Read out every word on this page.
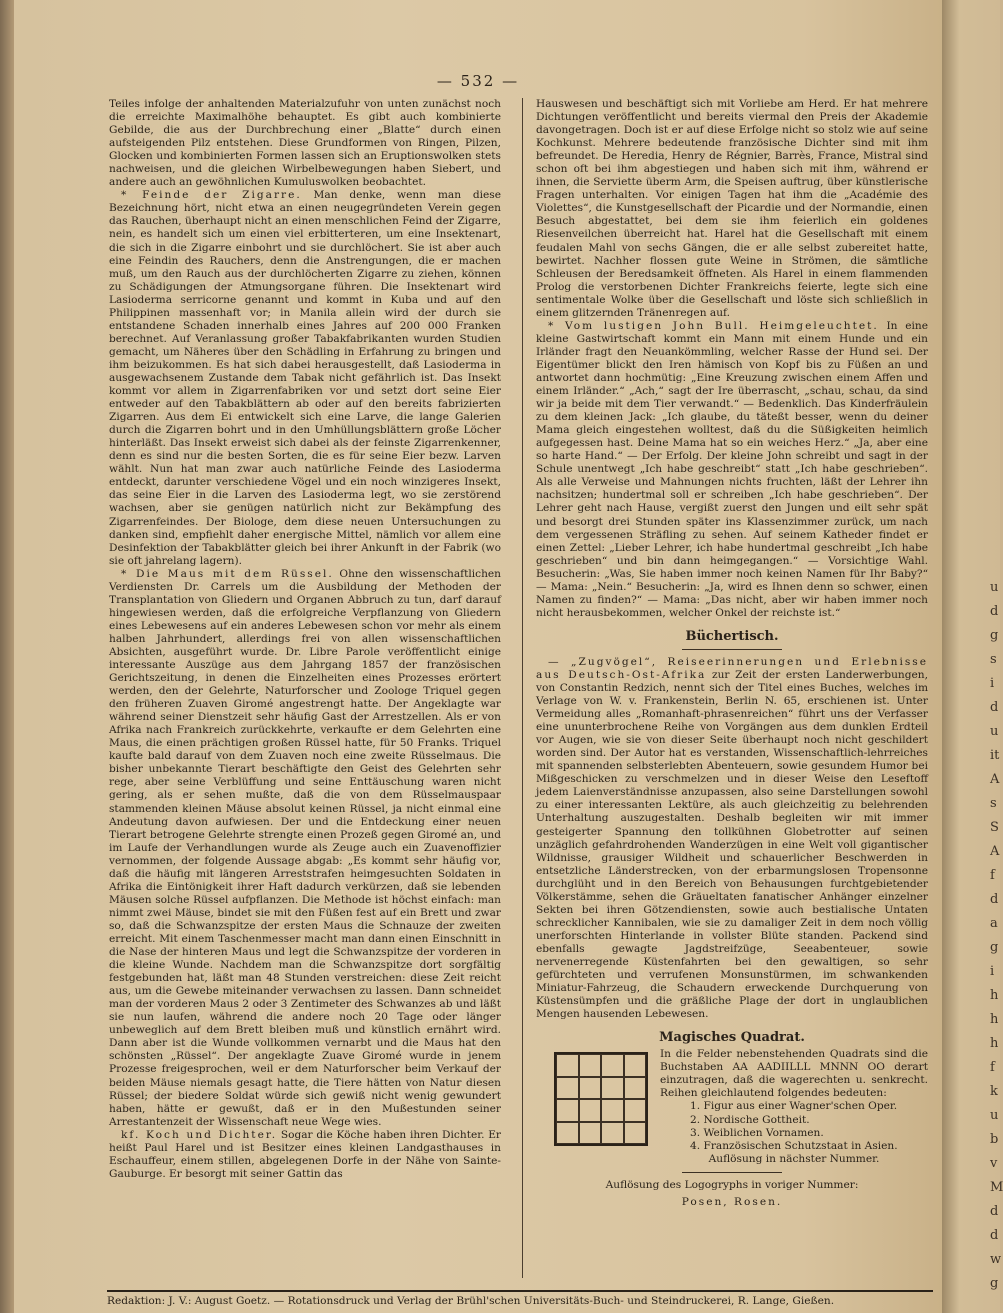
— 532 —

Teiles infolge der anhaltenden Materialzufuhr von unten zunächst noch die erreichte Maximalhöhe behauptet. Es gibt auch kombinierte Gebilde, die aus der Durchbrechung einer „Blatte“ durch einen aufsteigenden Pilz entstehen. Diese Grundformen von Ringen, Pilzen, Glocken und kombinierten Formen lassen sich an Eruptionswolken stets nachweisen, und die gleichen Wirbelbewegungen haben Siebert, und andere auch an gewöhnlichen Kumuluswolken beobachtet.

* Feinde der Zigarre. Man denke, wenn man diese Bezeichnung hört, nicht etwa an einen neugegründeten Verein gegen das Rauchen, überhaupt nicht an einen menschlichen Feind der Zigarre, nein, es handelt sich um einen viel erbitterteren, um eine Insektenart, die sich in die Zigarre einbohrt und sie durchlöchert. Sie ist aber auch eine Feindin des Rauchers, denn die Anstrengungen, die er machen muß, um den Rauch aus der durchlöcherten Zigarre zu ziehen, können zu Schädigungen der Atmungsorgane führen. Die Insektenart wird Lasioderma serricorne genannt und kommt in Kuba und auf den Philippinen massenhaft vor; in Manila allein wird der durch sie entstandene Schaden innerhalb eines Jahres auf 200 000 Franken berechnet. Auf Veranlassung großer Tabakfabrikanten wurden Studien gemacht, um Näheres über den Schädling in Erfahrung zu bringen und ihm beizukommen. Es hat sich dabei herausgestellt, daß Lasioderma in ausgewachsenem Zustande dem Tabak nicht gefährlich ist. Das Insekt kommt vor allem in Zigarrenfabriken vor und setzt dort seine Eier entweder auf den Tabakblättern ab oder auf den bereits fabrizierten Zigarren. Aus dem Ei entwickelt sich eine Larve, die lange Galerien durch die Zigarren bohrt und in den Umhüllungsblättern große Löcher hinterläßt. Das Insekt erweist sich dabei als der feinste Zigarrenkenner, denn es sind nur die besten Sorten, die es für seine Eier bezw. Larven wählt. Nun hat man zwar auch natürliche Feinde des Lasioderma entdeckt, darunter verschiedene Vögel und ein noch winzigeres Insekt, das seine Eier in die Larven des Lasioderma legt, wo sie zerstörend wachsen, aber sie genügen natürlich nicht zur Bekämpfung des Zigarrenfeindes. Der Biologe, dem diese neuen Untersuchungen zu danken sind, empfiehlt daher energische Mittel, nämlich vor allem eine Desinfektion der Tabakblätter gleich bei ihrer Ankunft in der Fabrik (wo sie oft jahrelang lagern).

* Die Maus mit dem Rüssel. Ohne den wissenschaftlichen Verdiensten Dr. Carrels um die Ausbildung der Methoden der Transplantation von Gliedern und Organen Abbruch zu tun, darf darauf hingewiesen werden, daß die erfolgreiche Verpflanzung von Gliedern eines Lebewesens auf ein anderes Lebewesen schon vor mehr als einem halben Jahrhundert, allerdings frei von allen wissenschaftlichen Absichten, ausgeführt wurde. Dr. Libre Parole veröffentlicht einige interessante Auszüge aus dem Jahrgang 1857 der französischen Gerichtszeitung, in denen die Einzelheiten eines Prozesses erörtert werden, den der Gelehrte, Naturforscher und Zoologe Triquel gegen den früheren Zuaven Giromé angestrengt hatte. Der Angeklagte war während seiner Dienstzeit sehr häufig Gast der Arrestzellen. Als er von Afrika nach Frankreich zurückkehrte, verkaufte er dem Gelehrten eine Maus, die einen prächtigen großen Rüssel hatte, für 50 Franks. Triquel kaufte bald darauf von dem Zuaven noch eine zweite Rüsselmaus. Die bisher unbekannte Tierart beschäftigte den Geist des Gelehrten sehr rege, aber seine Verblüffung und seine Enttäuschung waren nicht gering, als er sehen mußte, daß die von dem Rüsselmauspaar stammenden kleinen Mäuse absolut keinen Rüssel, ja nicht einmal eine Andeutung davon aufwiesen. Der und die Entdeckung einer neuen Tierart betrogene Gelehrte strengte einen Prozeß gegen Giromé an, und im Laufe der Verhandlungen wurde als Zeuge auch ein Zuavenoffizier vernommen, der folgende Aussage abgab: „Es kommt sehr häufig vor, daß die häufig mit längeren Arreststrafen heimgesuchten Soldaten in Afrika die Eintönigkeit ihrer Haft dadurch verkürzen, daß sie lebenden Mäusen solche Rüssel aufpflanzen. Die Methode ist höchst einfach: man nimmt zwei Mäuse, bindet sie mit den Füßen fest auf ein Brett und zwar so, daß die Schwanzspitze der ersten Maus die Schnauze der zweiten erreicht. Mit einem Taschenmesser macht man dann einen Einschnitt in die Nase der hinteren Maus und legt die Schwanzspitze der vorderen in die kleine Wunde. Nachdem man die Schwanzspitze dort sorgfältig festgebunden hat, läßt man 48 Stunden verstreichen: diese Zeit reicht aus, um die Gewebe miteinander verwachsen zu lassen. Dann schneidet man der vorderen Maus 2 oder 3 Zentimeter des Schwanzes ab und läßt sie nun laufen, während die andere noch 20 Tage oder länger unbeweglich auf dem Brett bleiben muß und künstlich ernährt wird. Dann aber ist die Wunde vollkommen vernarbt und die Maus hat den schönsten „Rüssel“. Der angeklagte Zuave Giromé wurde in jenem Prozesse freigesprochen, weil er dem Naturforscher beim Verkauf der beiden Mäuse niemals gesagt hatte, die Tiere hätten von Natur diesen Rüssel; der biedere Soldat würde sich gewiß nicht wenig gewundert haben, hätte er gewußt, daß er in den Mußestunden seiner Arrestantenzeit der Wissenschaft neue Wege wies.

kf. Koch und Dichter. Sogar die Köche haben ihren Dichter. Er heißt Paul Harel und ist Besitzer eines kleinen Landgasthauses in Eschauffeur, einem stillen, abgelegenen Dorfe in der Nähe von Sainte-Gauburge. Er besorgt mit seiner Gattin das

Hauswesen und beschäftigt sich mit Vorliebe am Herd. Er hat mehrere Dichtungen veröffentlicht und bereits viermal den Preis der Akademie davongetragen. Doch ist er auf diese Erfolge nicht so stolz wie auf seine Kochkunst. Mehrere bedeutende französische Dichter sind mit ihm befreundet. De Heredia, Henry de Régnier, Barrès, France, Mistral sind schon oft bei ihm abgestiegen und haben sich mit ihm, während er ihnen, die Serviette überm Arm, die Speisen auftrug, über künstlerische Fragen unterhalten. Vor einigen Tagen hat ihm die „Académie des Violettes“, die Kunstgesellschaft der Picardie und der Normandie, einen Besuch abgestattet, bei dem sie ihm feierlich ein goldenes Riesenveilchen überreicht hat. Harel hat die Gesellschaft mit einem feudalen Mahl von sechs Gängen, die er alle selbst zubereitet hatte, bewirtet. Nachher flossen gute Weine in Strömen, die sämtliche Schleusen der Beredsamkeit öffneten. Als Harel in einem flammenden Prolog die verstorbenen Dichter Frankreichs feierte, legte sich eine sentimentale Wolke über die Gesellschaft und löste sich schließlich in einem glitzernden Tränenregen auf.

* Vom lustigen John Bull. Heimgeleuchtet. In eine kleine Gastwirtschaft kommt ein Mann mit einem Hunde und ein Irländer fragt den Neuankömmling, welcher Rasse der Hund sei. Der Eigentümer blickt den Iren hämisch von Kopf bis zu Füßen an und antwortet dann hochmütig: „Eine Kreuzung zwischen einem Affen und einem Irländer.“ „Ach,“ sagt der Ire überrascht, „schau, schau, da sind wir ja beide mit dem Tier verwandt.“ — Bedenklich. Das Kinderfräulein zu dem kleinen Jack: „Ich glaube, du täteßt besser, wenn du deiner Mama gleich eingestehen wolltest, daß du die Süßigkeiten heimlich aufgegessen hast. Deine Mama hat so ein weiches Herz.“ „Ja, aber eine so harte Hand.“ — Der Erfolg. Der kleine John schreibt und sagt in der Schule unentwegt „Ich habe geschreibt“ statt „Ich habe geschrieben“. Als alle Verweise und Mahnungen nichts fruchten, läßt der Lehrer ihn nachsitzen; hundertmal soll er schreiben „Ich habe geschrieben“. Der Lehrer geht nach Hause, vergißt zuerst den Jungen und eilt sehr spät und besorgt drei Stunden später ins Klassenzimmer zurück, um nach dem vergessenen Sträfling zu sehen. Auf seinem Katheder findet er einen Zettel: „Lieber Lehrer, ich habe hundertmal geschreibt „Ich habe geschrieben“ und bin dann heimgegangen.“ — Vorsichtige Wahl. Besucherin: „Was, Sie haben immer noch keinen Namen für Ihr Baby?“ — Mama: „Nein.“ Besucherin: „Ja, wird es Ihnen denn so schwer, einen Namen zu finden?“ — Mama: „Das nicht, aber wir haben immer noch nicht herausbekommen, welcher Onkel der reichste ist.“

Büchertisch.

— „Zugvögel“, Reiseerinnerungen und Erlebnisse aus Deutsch-Ost-Afrika zur Zeit der ersten Landerwerbungen, von Constantin Redzich, nennt sich der Titel eines Buches, welches im Verlage von W. v. Frankenstein, Berlin N. 65, erschienen ist. Unter Vermeidung alles „Romanhaft-phrasenreichen“ führt uns der Verfasser eine ununterbrochene Reihe von Vorgängen aus dem dunklen Erdteil vor Augen, wie sie von dieser Seite überhaupt noch nicht geschildert worden sind. Der Autor hat es verstanden, Wissenschaftlich-lehrreiches mit spannenden selbsterlebten Abenteuern, sowie gesundem Humor bei Mißgeschicken zu verschmelzen und in dieser Weise den Leseftoff jedem Laienverständnisse anzupassen, also seine Darstellungen sowohl zu einer interessanten Lektüre, als auch gleichzeitig zu belehrenden Unterhaltung auszugestalten. Deshalb begleiten wir mit immer gesteigerter Spannung den tollkühnen Globetrotter auf seinen unzäglich gefahrdrohenden Wanderzügen in eine Welt voll gigantischer Wildnisse, grausiger Wildheit und schauerlicher Beschwerden in entsetzliche Länderstrecken, von der erbarmungslosen Tropensonne durchglüht und in den Bereich von Behausungen furchtgebietender Völkerstämme, sehen die Gräueltaten fanatischer Anhänger einzelner Sekten bei ihren Götzendiensten, sowie auch bestialische Untaten schrecklicher Kannibalen, wie sie zu damaliger Zeit in dem noch völlig unerforschten Hinterlande in vollster Blüte standen. Packend sind ebenfalls gewagte Jagdstreifzüge, Seeabenteuer, sowie nervenerregende Küstenfahrten bei den gewaltigen, so sehr gefürchteten und verrufenen Monsunstürmen, im schwankenden Miniatur-Fahrzeug, die Schaudern erweckende Durchquerung von Küstensümpfen und die gräßliche Plage der dort in unglaublichen Mengen hausenden Lebewesen.

Magisches Quadrat.
In die Felder nebenstehenden Quadrats sind die Buchstaben AA AADIILLL MNNN OO derart einzutragen, daß die wagerechten u. senkrecht. Reihen gleichlautend folgendes bedeuten:
1. Figur aus einer Wagner'schen Oper.
2. Nordische Gottheit.
3. Weiblichen Vornamen.
4. Französischen Schutzstaat in Asien.
Auflösung in nächster Nummer.
Auflösung des Logogryphs in voriger Nummer:
Posen, Rosen.
Redaktion: J. V.: August Goetz. — Rotationsdruck und Verlag der Brühl'schen Universitäts-Buch- und Steindruckerei, R. Lange, Gießen.
u
d
g
s
i
d
u
it
A
s
S
A
f
d
a
g
i
h
h
h
f
k
u
b
v
M
d
d
w
g
